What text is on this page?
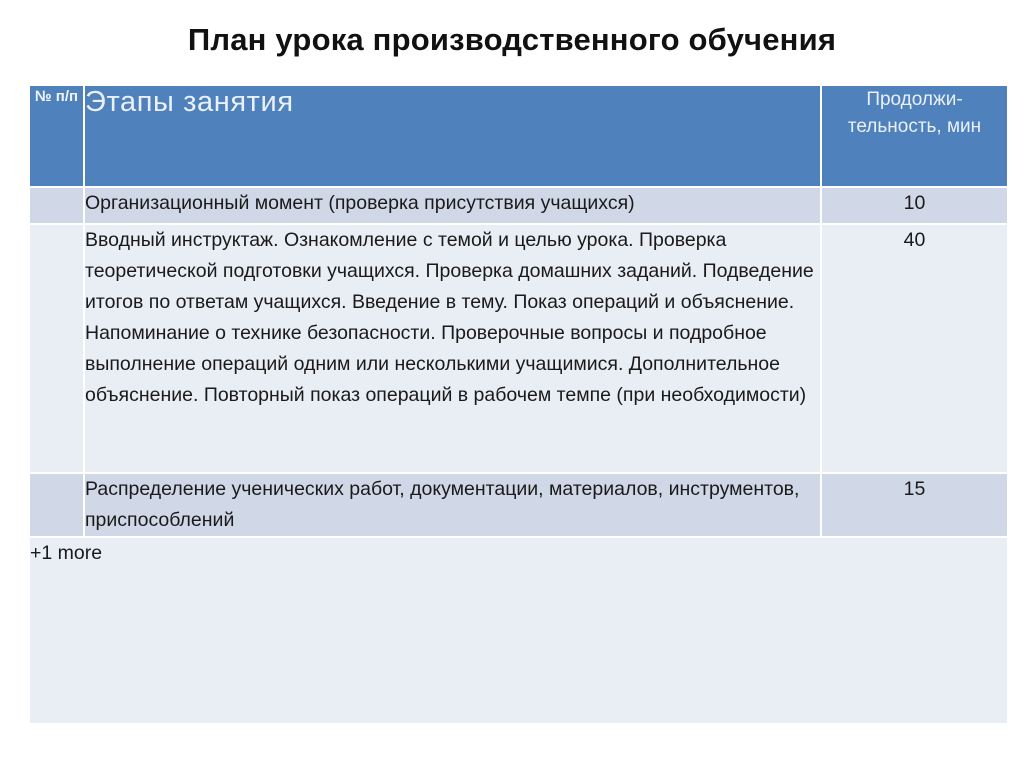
План урока производственного обучения
№ п/п	Этапы занятия	Продолжи-тельность, мин
	Организационный момент (проверка присутствия учащихся)	10
	Вводный инструктаж. Ознакомление с темой и целью урока. Проверка теоретической подготовки учащихся. Проверка домашних заданий. Подведение итогов по ответам учащихся. Введение в тему. Показ операций и объяснение. Напоминание о технике безопасности. Проверочные вопросы и подробное выполнение операций одним или несколькими учащимися. Дополнительное объяснение. Повторный показ операций в рабочем темпе (при необходимости)	40
	Распределение ученических работ, документации, материалов, инструментов, приспособлений	15
+1 more		
